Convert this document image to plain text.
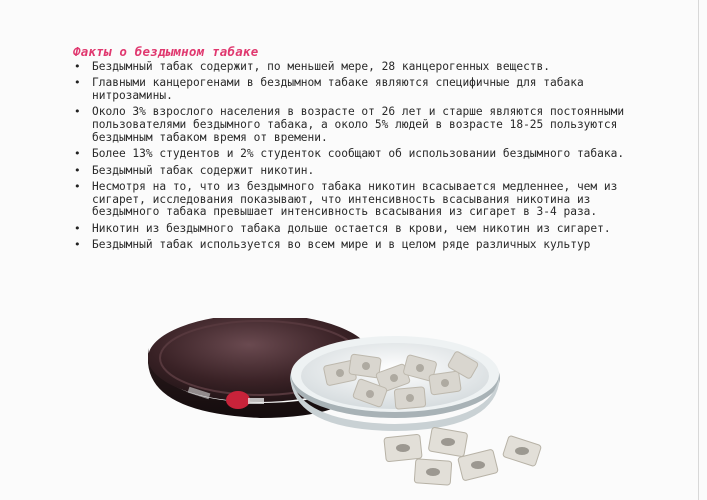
Факты о бездымном табаке
• Бездымный табак содержит, по меньшей мере, 28 канцерогенных веществ.
• Главными канцерогенами в бездымном табаке являются специфичные для табака нитрозамины.
• Около 3% взрослого населения в возрасте от 26 лет и старше являются постоянными пользователями бездымного табака, а около 5% людей в возрасте 18-25 пользуются бездымным табаком время от времени.
• Более 13% студентов и 2% студенток сообщают об использовании бездымного табака.
• Бездымный табак содержит никотин.
• Несмотря на то, что из бездымного табака никотин всасывается медленнее, чем из сигарет, исследования показывают, что интенсивность всасывания никотина из бездымного табака превышает интенсивность всасывания из сигарет в 3-4 раза.
• Никотин из бездымного табака дольше остается в крови, чем никотин из сигарет.
• Бездымный табак используется во всем мире и в целом ряде различных культур
